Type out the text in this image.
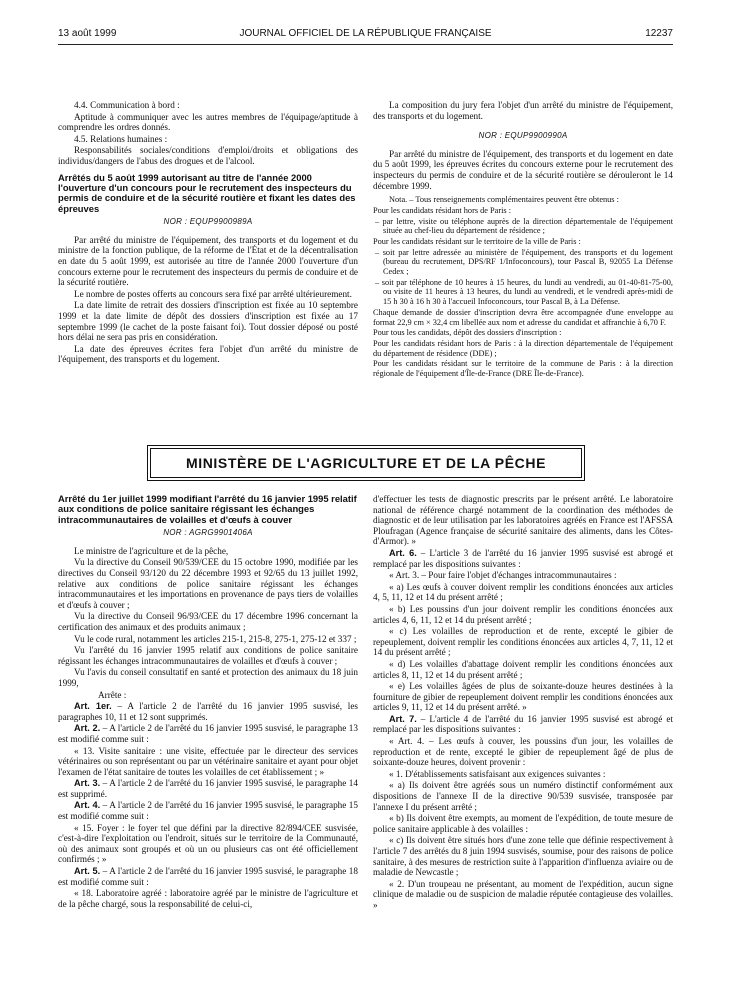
13 août 1999	JOURNAL OFFICIEL DE LA RÉPUBLIQUE FRANÇAISE	12237

4.4. Communication à bord :

Aptitude à communiquer avec les autres membres de l'équipage/aptitude à comprendre les ordres donnés.

4.5. Relations humaines :

Responsabilités sociales/conditions d'emploi/droits et obligations des individus/dangers de l'abus des drogues et de l'alcool.

Arrêtés du 5 août 1999 autorisant au titre de l'année 2000 l'ouverture d'un concours pour le recrutement des inspecteurs du permis de conduire et de la sécurité routière et fixant les dates des épreuves
NOR : EQUP9900989A

Par arrêté du ministre de l'équipement, des transports et du logement et du ministre de la fonction publique, de la réforme de l'État et de la décentralisation en date du 5 août 1999, est autorisée au titre de l'année 2000 l'ouverture d'un concours externe pour le recrutement des inspecteurs du permis de conduire et de la sécurité routière.

Le nombre de postes offerts au concours sera fixé par arrêté ultérieurement.

La date limite de retrait des dossiers d'inscription est fixée au 10 septembre 1999 et la date limite de dépôt des dossiers d'inscription est fixée au 17 septembre 1999 (le cachet de la poste faisant foi). Tout dossier déposé ou posté hors délai ne sera pas pris en considération.

La date des épreuves écrites fera l'objet d'un arrêté du ministre de l'équipement, des transports et du logement.

La composition du jury fera l'objet d'un arrêté du ministre de l'équipement, des transports et du logement.

NOR : EQUP9900990A

Par arrêté du ministre de l'équipement, des transports et du logement en date du 5 août 1999, les épreuves écrites du concours externe pour le recrutement des inspecteurs du permis de conduire et de la sécurité routière se dérouleront le 14 décembre 1999.

Nota. – Tous renseignements complémentaires peuvent être obtenus :

Pour les candidats résidant hors de Paris :

– par lettre, visite ou téléphone auprès de la direction départementale de l'équipement située au chef-lieu du département de résidence ;

Pour les candidats résidant sur le territoire de la ville de Paris :

– soit par lettre adressée au ministère de l'équipement, des transports et du logement (bureau du recrutement, DPS/RF 1/Infoconcours), tour Pascal B, 92055 La Défense Cedex ;

– soit par téléphone de 10 heures à 15 heures, du lundi au vendredi, au 01-40-81-75-00, ou visite de 11 heures à 13 heures, du lundi au vendredi, et le vendredi après-midi de 15 h 30 à 16 h 30 à l'accueil Infoconcours, tour Pascal B, à La Défense.

Chaque demande de dossier d'inscription devra être accompagnée d'une enveloppe au format 22,9 cm × 32,4 cm libellée aux nom et adresse du candidat et affranchie à 6,70 F.

Pour tous les candidats, dépôt des dossiers d'inscription :

Pour les candidats résidant hors de Paris : à la direction départementale de l'équipement du département de résidence (DDE) ;

Pour les candidats résidant sur le territoire de la commune de Paris : à la direction régionale de l'équipement d'Île-de-France (DRE Île-de-France).

MINISTÈRE DE L'AGRICULTURE ET DE LA PÊCHE
Arrêté du 1er juillet 1999 modifiant l'arrêté du 16 janvier 1995 relatif aux conditions de police sanitaire régissant les échanges intracommunautaires de volailles et d'œufs à couver
NOR : AGRG9901406A

Le ministre de l'agriculture et de la pêche,

Vu la directive du Conseil 90/539/CEE du 15 octobre 1990, modifiée par les directives du Conseil 93/120 du 22 décembre 1993 et 92/65 du 13 juillet 1992, relative aux conditions de police sanitaire régissant les échanges intracommunautaires et les importations en provenance de pays tiers de volailles et d'œufs à couver ;

Vu la directive du Conseil 96/93/CEE du 17 décembre 1996 concernant la certification des animaux et des produits animaux ;

Vu le code rural, notamment les articles 215-1, 215-8, 275-1, 275-12 et 337 ;

Vu l'arrêté du 16 janvier 1995 relatif aux conditions de police sanitaire régissant les échanges intracommunautaires de volailles et d'œufs à couver ;

Vu l'avis du conseil consultatif en santé et protection des animaux du 18 juin 1999,

Arrête :

Art. 1er. – A l'article 2 de l'arrêté du 16 janvier 1995 susvisé, les paragraphes 10, 11 et 12 sont supprimés.

Art. 2. – A l'article 2 de l'arrêté du 16 janvier 1995 susvisé, le paragraphe 13 est modifié comme suit :

« 13. Visite sanitaire : une visite, effectuée par le directeur des services vétérinaires ou son représentant ou par un vétérinaire sanitaire et ayant pour objet l'examen de l'état sanitaire de toutes les volailles de cet établissement ; »

Art. 3. – A l'article 2 de l'arrêté du 16 janvier 1995 susvisé, le paragraphe 14 est supprimé.

Art. 4. – A l'article 2 de l'arrêté du 16 janvier 1995 susvisé, le paragraphe 15 est modifié comme suit :

« 15. Foyer : le foyer tel que défini par la directive 82/894/CEE susvisée, c'est-à-dire l'exploitation ou l'endroit, situés sur le territoire de la Communauté, où des animaux sont groupés et où un ou plusieurs cas ont été officiellement confirmés ; »

Art. 5. – A l'article 2 de l'arrêté du 16 janvier 1995 susvisé, le paragraphe 18 est modifié comme suit :

« 18. Laboratoire agréé : laboratoire agréé par le ministre de l'agriculture et de la pêche chargé, sous la responsabilité de celui-ci,

d'effectuer les tests de diagnostic prescrits par le présent arrêté. Le laboratoire national de référence chargé notamment de la coordination des méthodes de diagnostic et de leur utilisation par les laboratoires agréés en France est l'AFSSA Ploufragan (Agence française de sécurité sanitaire des aliments, dans les Côtes-d'Armor). »

Art. 6. – L'article 3 de l'arrêté du 16 janvier 1995 susvisé est abrogé et remplacé par les dispositions suivantes :

« Art. 3. – Pour faire l'objet d'échanges intracommunautaires :

« a) Les œufs à couver doivent remplir les conditions énoncées aux articles 4, 5, 11, 12 et 14 du présent arrêté ;

« b) Les poussins d'un jour doivent remplir les conditions énoncées aux articles 4, 6, 11, 12 et 14 du présent arrêté ;

« c) Les volailles de reproduction et de rente, excepté le gibier de repeuplement, doivent remplir les conditions énoncées aux articles 4, 7, 11, 12 et 14 du présent arrêté ;

« d) Les volailles d'abattage doivent remplir les conditions énoncées aux articles 8, 11, 12 et 14 du présent arrêté ;

« e) Les volailles âgées de plus de soixante-douze heures destinées à la fourniture de gibier de repeuplement doivent remplir les conditions énoncées aux articles 9, 11, 12 et 14 du présent arrêté. »

Art. 7. – L'article 4 de l'arrêté du 16 janvier 1995 susvisé est abrogé et remplacé par les dispositions suivantes :

« Art. 4. – Les œufs à couver, les poussins d'un jour, les volailles de reproduction et de rente, excepté le gibier de repeuplement âgé de plus de soixante-douze heures, doivent provenir :

« 1. D'établissements satisfaisant aux exigences suivantes :

« a) Ils doivent être agréés sous un numéro distinctif conformément aux dispositions de l'annexe II de la directive 90/539 susvisée, transposée par l'annexe I du présent arrêté ;

« b) Ils doivent être exempts, au moment de l'expédition, de toute mesure de police sanitaire applicable à des volailles :

« c) Ils doivent être situés hors d'une zone telle que définie respectivement à l'article 7 des arrêtés du 8 juin 1994 susvisés, soumise, pour des raisons de police sanitaire, à des mesures de restriction suite à l'apparition d'influenza aviaire ou de maladie de Newcastle ;

« 2. D'un troupeau ne présentant, au moment de l'expédition, aucun signe clinique de maladie ou de suspicion de maladie réputée contagieuse des volailles. »
